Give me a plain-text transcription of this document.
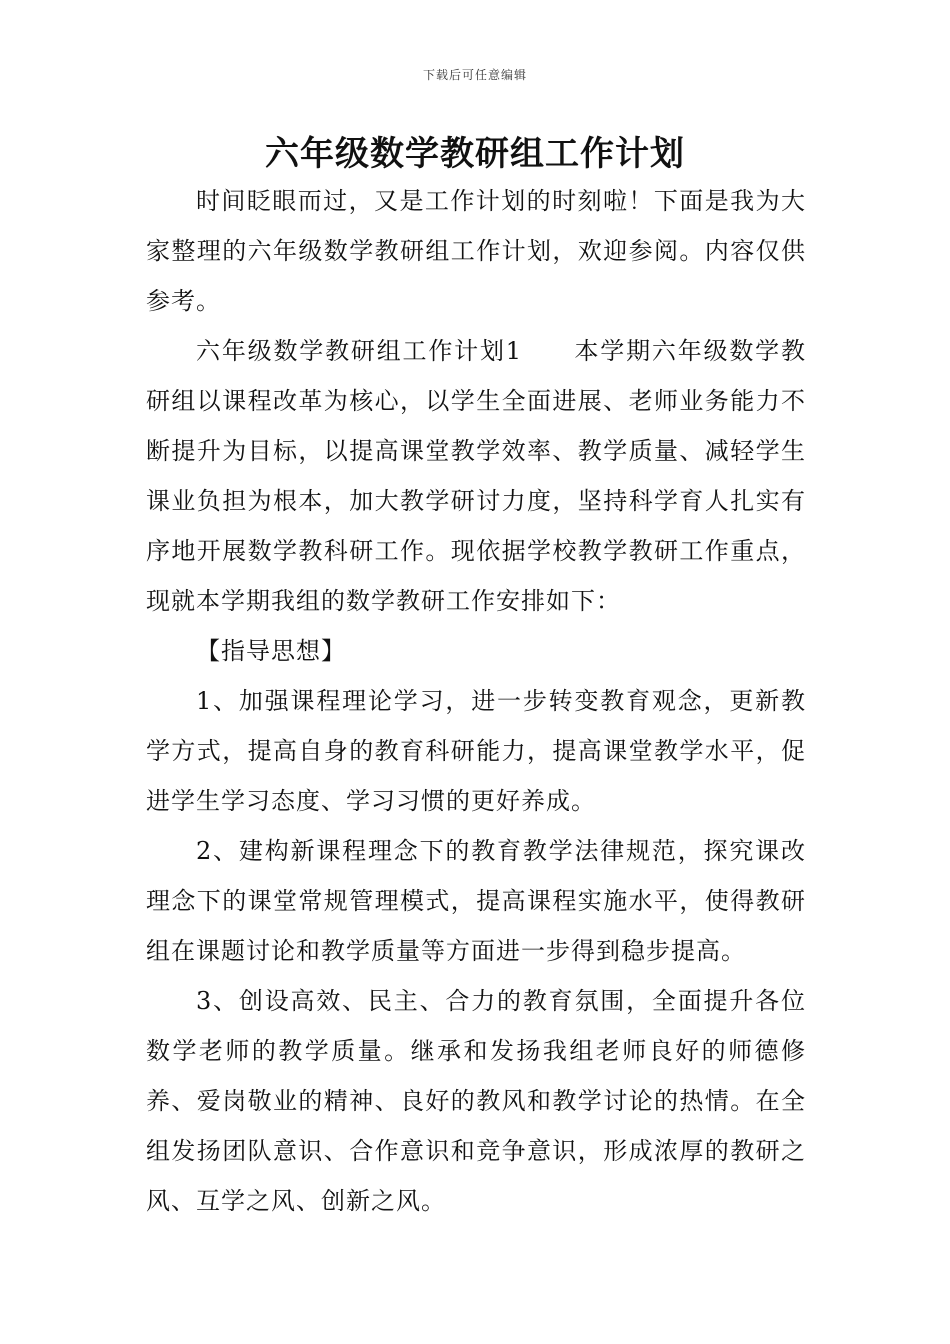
下载后可任意编辑
六年级数学教研组工作计划

时间眨眼而过，又是工作计划的时刻啦！下面是我为大家整理的六年级数学教研组工作计划，欢迎参阅。内容仅供参考。

六年级数学教研组工作计划1　　本学期六年级数学教研组以课程改革为核心，以学生全面进展、老师业务能力不断提升为目标，以提高课堂教学效率、教学质量、减轻学生课业负担为根本，加大教学研讨力度，坚持科学育人扎实有序地开展数学教科研工作。现依据学校教学教研工作重点，现就本学期我组的数学教研工作安排如下：

【指导思想】

1、加强课程理论学习，进一步转变教育观念，更新教学方式，提高自身的教育科研能力，提高课堂教学水平，促进学生学习态度、学习习惯的更好养成。

2、建构新课程理念下的教育教学法律规范，探究课改理念下的课堂常规管理模式，提高课程实施水平，使得教研组在课题讨论和教学质量等方面进一步得到稳步提高。

3、创设高效、民主、合力的教育氛围，全面提升各位数学老师的教学质量。继承和发扬我组老师良好的师德修养、爱岗敬业的精神、良好的教风和教学讨论的热情。在全组发扬团队意识、合作意识和竞争意识，形成浓厚的教研之风、互学之风、创新之风。
